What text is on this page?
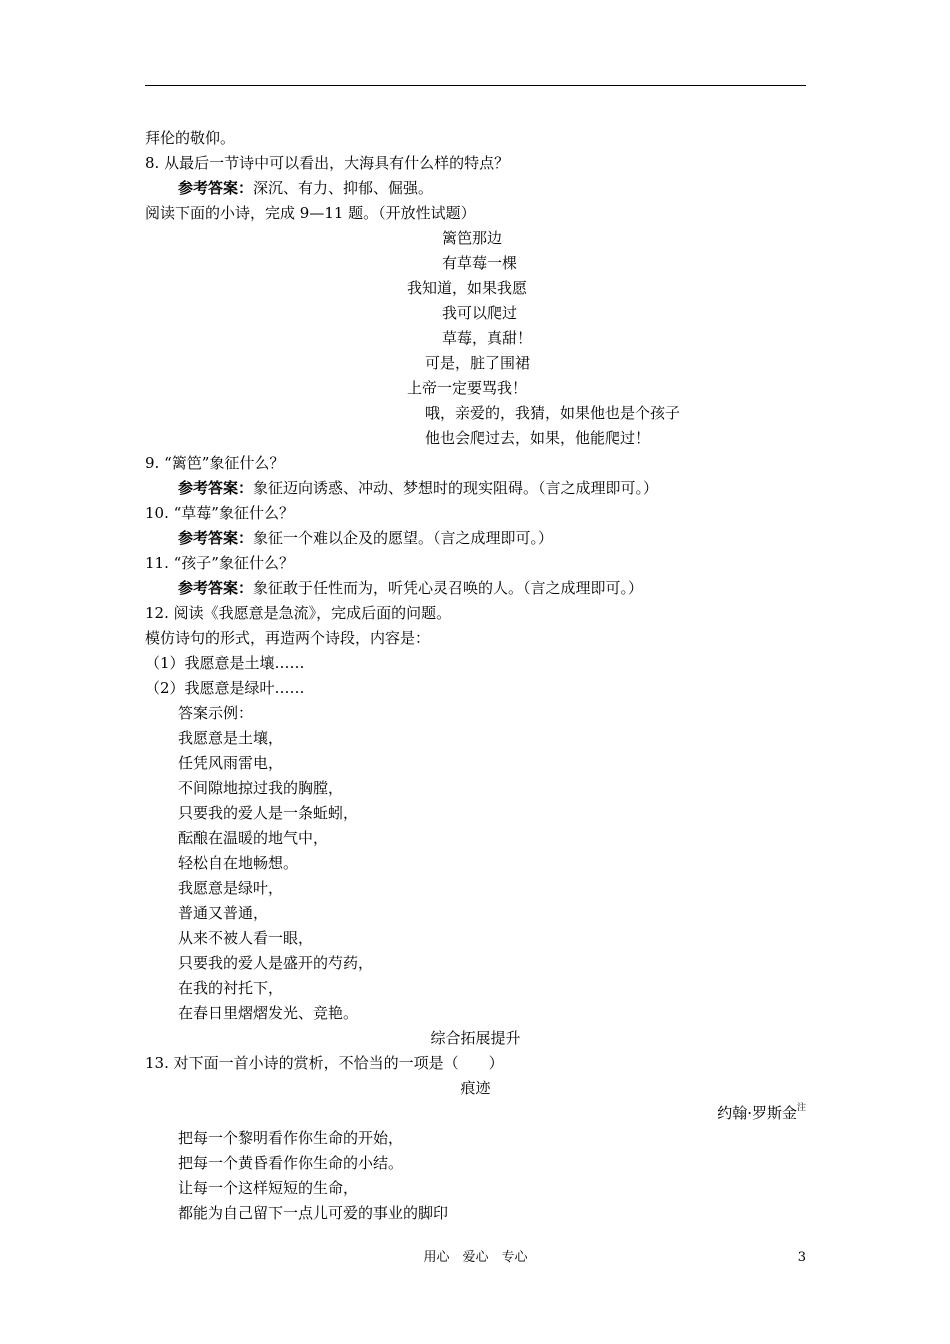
拜伦的敬仰。
8. 从最后一节诗中可以看出，大海具有什么样的特点？
参考答案：深沉、有力、抑郁、倔强。
阅读下面的小诗，完成 9—11 题。（开放性试题）
篱笆那边
有草莓一棵
我知道，如果我愿
我可以爬过
草莓，真甜！
可是，脏了围裙
上帝一定要骂我！
哦，亲爱的，我猜，如果他也是个孩子
他也会爬过去，如果，他能爬过！
9. “篱笆”象征什么？
参考答案：象征迈向诱惑、冲动、梦想时的现实阻碍。（言之成理即可。）
10. “草莓”象征什么？
参考答案：象征一个难以企及的愿望。（言之成理即可。）
11. “孩子”象征什么？
参考答案：象征敢于任性而为，听凭心灵召唤的人。（言之成理即可。）
12. 阅读《我愿意是急流》，完成后面的问题。
模仿诗句的形式，再造两个诗段，内容是：
（1）我愿意是土壤……
（2）我愿意是绿叶……
答案示例：
我愿意是土壤，
任凭风雨雷电，
不间隙地掠过我的胸膛，
只要我的爱人是一条蚯蚓，
酝酿在温暖的地气中，
轻松自在地畅想。
我愿意是绿叶，
普通又普通，
从来不被人看一眼，
只要我的爱人是盛开的芍药，
在我的衬托下，
在春日里熠熠发光、竞艳。
综合拓展提升
13. 对下面一首小诗的赏析，不恰当的一项是（　　）
痕迹
约翰·罗斯金$^注$
把每一个黎明看作你生命的开始，
把每一个黄昏看作你生命的小结。
让每一个这样短短的生命，
都能为自己留下一点儿可爱的事业的脚印
用心　爱心　专心	3
